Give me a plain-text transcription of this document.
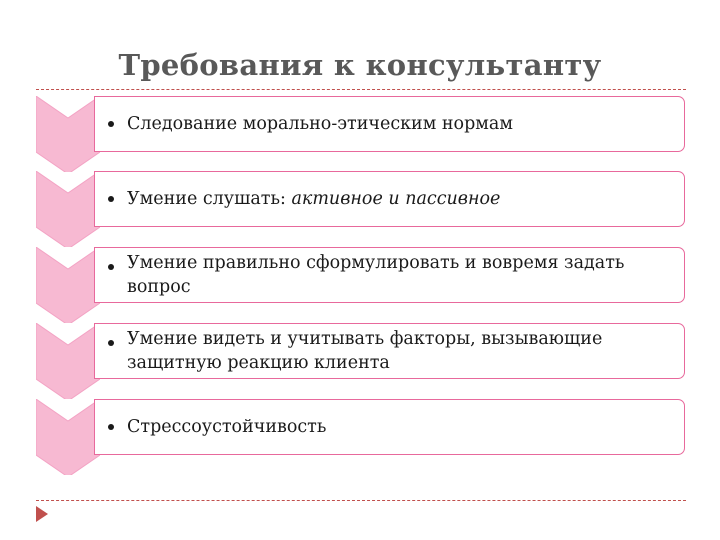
Требования к консультанту
Следование морально-этическим нормам
Умение слушать: активное и пассивное
Умение правильно сформулировать и вовремя задать вопрос
Умение видеть и учитывать факторы, вызывающие защитную реакцию клиента
Стрессоустойчивость
